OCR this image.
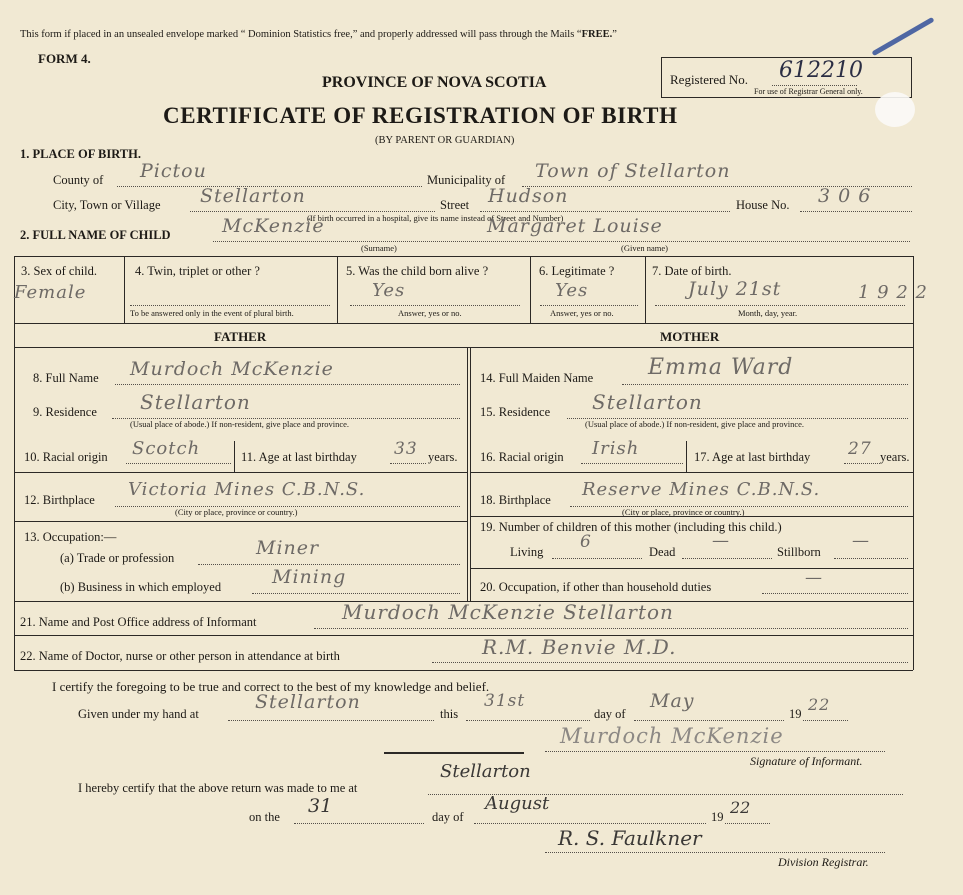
This form if placed in an unsealed envelope marked “ Dominion Statistics free,” and properly addressed will pass through the Mails “FREE.”
FORM 4.
PROVINCE OF NOVA SCOTIA
CERTIFICATE OF REGISTRATION OF BIRTH
(BY PARENT OR GUARDIAN)
Registered No. 612210
For use of Registrar General only.
1. PLACE OF BIRTH.
County of Pictou	Municipality of Town of Stellarton
City, Town or Village Stellarton	Street Hudson	House No. 3 0 6
(If birth occurred in a hospital, give its name instead of Street and Number)
2. FULL NAME OF CHILD	McKenzie	Margaret Louise
(Surname)	(Given name)
3. Sex of child.
Female
4. Twin, triplet or other ?
To be answered only in the event of plural birth.
5. Was the child born alive ?
Yes
Answer, yes or no.
6. Legitimate ?
Yes
Answer, yes or no.
7. Date of birth.
July 21st	1 9 2 2
Month, day, year.
FATHER	MOTHER
8. Full Name Murdoch McKenzie
9. Residence Stellarton
(Usual place of abode.) If non-resident, give place and province.
10. Racial origin Scotch	11. Age at last birthday 33 years.
12. Birthplace Victoria Mines C.B.N.S.
(City or place, province or country.)
13. Occupation:—
(a) Trade or profession	Miner
(b) Business in which employed	Mining
14. Full Maiden Name Emma Ward
15. Residence Stellarton
(Usual place of abode.) If non-resident, give place and province.
16. Racial origin Irish	17. Age at last birthday 27 years.
18. Birthplace Reserve Mines C.B.N.S.
(City or place, province or country.)
19. Number of children of this mother (including this child.)
Living 6	Dead
—
Stillborn
—
20. Occupation, if other than household duties	—
21. Name and Post Office address of Informant	Murdoch McKenzie Stellarton
22. Name of Doctor, nurse or other person in attendance at birth	R.M. Benvie M.D.
I certify the foregoing to be true and correct to the best of my knowledge and belief.
Given under my hand at
Stellarton
this
31st
day of
May
19 22
Murdoch McKenzie
Signature of Informant.
I hereby certify that the above return was made to me at
Stellarton
on the 31	day of
August
19 22
R. S. Faulkner
Division Registrar.
